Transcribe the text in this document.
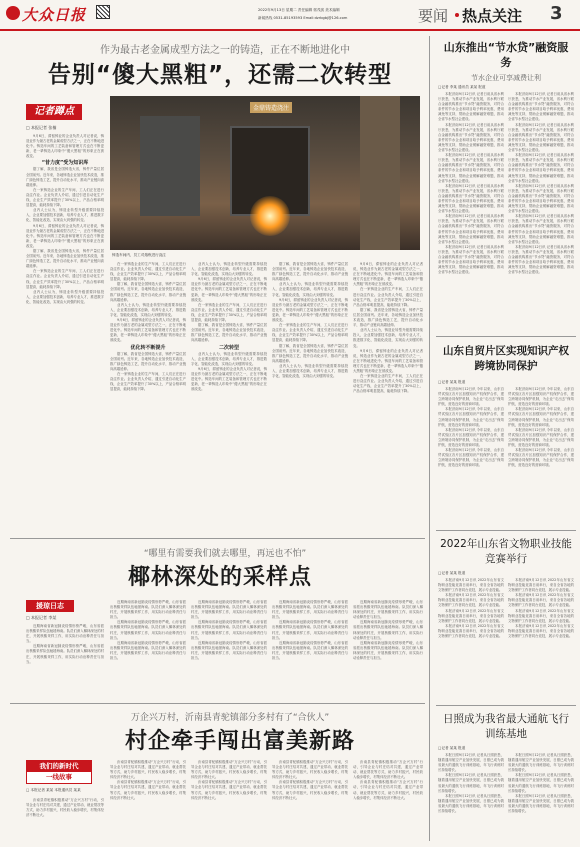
大众日报	2022年9月13日 星期二 责任编辑 郭茂滨 美术编辑
新闻热线 0531-85193593 Email:dzrbgbj@126.com	要闻 热点关注 3
作为最古老金属成型方法之一的铸造，正在不断地进化中
告别“傻大黑粗”，还需二次转型
记者蹲点
□ 本报记者 张楠

9月6日，滞留铸业的企业负责人对记者说，铸造业作为最古老的金属成型方法之一，正在不断地进化中。铸造车间的工艺装备和管理方式也在不断更新，老一辈铸造人印象中“傻大黑粗”的形象正在被改变。

“昔力度”受为知识库

据了解，我省是全国铸造大省，铸件产量位居全国前列。近年来，各地铸造企业加快技术改造，推广绿色铸造工艺，提升自动化水平，推动产业链向高端延伸。

在一家铸造企业的生产车间，工人们正在进行浇注作业。企业负责人介绍，通过引进自动化生产线，企业生产效率提升了30%以上，产品合格率明显提高，能耗持续下降。

业内人士认为，铸造业转型升级需要持续投入，企业要加强技术创新，培养专业人才，推进数字化、智能化改造，实现由大到强的转变。

9月6日，滞留铸业的企业负责人对记者说，铸造业作为最古老的金属成型方法之一，正在不断地进化中。铸造车间的工艺装备和管理方式也在不断更新，老一辈铸造人印象中“傻大黑粗”的形象正在被改变。

据了解，我省是全国铸造大省，铸件产量位居全国前列。近年来，各地铸造企业加快技术改造，推广绿色铸造工艺，提升自动化水平，推动产业链向高端延伸。

在一家铸造企业的生产车间，工人们正在进行浇注作业。企业负责人介绍，通过引进自动化生产线，企业生产效率提升了30%以上，产品合格率明显提高，能耗持续下降。

业内人士认为，铸造业转型升级需要持续投入，企业要加强技术创新，培养专业人才，推进数字化、智能化改造，实现由大到强的转变。

金鼎铸造浇注
铸造车间内，员工对熔炼进行浇注

在一家铸造企业的生产车间，工人们正在进行浇注作业。企业负责人介绍，通过引进自动化生产线，企业生产效率提升了30%以上，产品合格率明显提高，能耗持续下降。

据了解，我省是全国铸造大省，铸件产量位居全国前列。近年来，各地铸造企业加快技术改造，推广绿色铸造工艺，提升自动化水平，推动产业链向高端延伸。

业内人士认为，铸造业转型升级需要持续投入，企业要加强技术创新，培养专业人才，推进数字化、智能化改造，实现由大到强的转变。

9月6日，滞留铸业的企业负责人对记者说，铸造业作为最古老的金属成型方法之一，正在不断地进化中。铸造车间的工艺装备和管理方式也在不断更新，老一辈铸造人印象中“傻大黑粗”的形象正在被改变。

优化转不断提升

据了解，我省是全国铸造大省，铸件产量位居全国前列。近年来，各地铸造企业加快技术改造，推广绿色铸造工艺，提升自动化水平，推动产业链向高端延伸。

在一家铸造企业的生产车间，工人们正在进行浇注作业。企业负责人介绍，通过引进自动化生产线，企业生产效率提升了30%以上，产品合格率明显提高，能耗持续下降。

业内人士认为，铸造业转型升级需要持续投入，企业要加强技术创新，培养专业人才，推进数字化、智能化改造，实现由大到强的转变。

9月6日，滞留铸业的企业负责人对记者说，铸造业作为最古老的金属成型方法之一，正在不断地进化中。铸造车间的工艺装备和管理方式也在不断更新，老一辈铸造人印象中“傻大黑粗”的形象正在被改变。

在一家铸造企业的生产车间，工人们正在进行浇注作业。企业负责人介绍，通过引进自动化生产线，企业生产效率提升了30%以上，产品合格率明显提高，能耗持续下降。

据了解，我省是全国铸造大省，铸件产量位居全国前列。近年来，各地铸造企业加快技术改造，推广绿色铸造工艺，提升自动化水平，推动产业链向高端延伸。

二次转型

业内人士认为，铸造业转型升级需要持续投入，企业要加强技术创新，培养专业人才，推进数字化、智能化改造，实现由大到强的转变。

9月6日，滞留铸业的企业负责人对记者说，铸造业作为最古老的金属成型方法之一，正在不断地进化中。铸造车间的工艺装备和管理方式也在不断更新，老一辈铸造人印象中“傻大黑粗”的形象正在被改变。

据了解，我省是全国铸造大省，铸件产量位居全国前列。近年来，各地铸造企业加快技术改造，推广绿色铸造工艺，提升自动化水平，推动产业链向高端延伸。

业内人士认为，铸造业转型升级需要持续投入，企业要加强技术创新，培养专业人才，推进数字化、智能化改造，实现由大到强的转变。

9月6日，滞留铸业的企业负责人对记者说，铸造业作为最古老的金属成型方法之一，正在不断地进化中。铸造车间的工艺装备和管理方式也在不断更新，老一辈铸造人印象中“傻大黑粗”的形象正在被改变。

在一家铸造企业的生产车间，工人们正在进行浇注作业。企业负责人介绍，通过引进自动化生产线，企业生产效率提升了30%以上，产品合格率明显提高，能耗持续下降。

据了解，我省是全国铸造大省，铸件产量位居全国前列。近年来，各地铸造企业加快技术改造，推广绿色铸造工艺，提升自动化水平，推动产业链向高端延伸。

业内人士认为，铸造业转型升级需要持续投入，企业要加强技术创新，培养专业人才，推进数字化、智能化改造，实现由大到强的转变。

9月6日，滞留铸业的企业负责人对记者说，铸造业作为最古老的金属成型方法之一，正在不断地进化中。铸造车间的工艺装备和管理方式也在不断更新，老一辈铸造人印象中“傻大黑粗”的形象正在被改变。

在一家铸造企业的生产车间，工人们正在进行浇注作业。企业负责人介绍，通过引进自动化生产线，企业生产效率提升了30%以上，产品合格率明显提高，能耗持续下降。

据了解，我省是全国铸造大省，铸件产量位居全国前列。近年来，各地铸造企业加快技术改造，推广绿色铸造工艺，提升自动化水平，推动产业链向高端延伸。

业内人士认为，铸造业转型升级需要持续投入，企业要加强技术创新，培养专业人才，推进数字化、智能化改造，实现由大到强的转变。

9月6日，滞留铸业的企业负责人对记者说，铸造业作为最古老的金属成型方法之一，正在不断地进化中。铸造车间的工艺装备和管理方式也在不断更新，老一辈铸造人印象中“傻大黑粗”的形象正在被改变。

在一家铸造企业的生产车间，工人们正在进行浇注作业。企业负责人介绍，通过引进自动化生产线，企业生产效率提升了30%以上，产品合格率明显提高，能耗持续下降。

“哪里有需要我们就去哪里，再远也不怕”
椰林深处的采样点
援琼日志
□ 本报记者 李某

近期海南省新冠肺炎疫情形势严峻，山东省派出核酸采样队伍驰援海南。队员们深入椰林深处的村庄，开展核酸采样工作，用实际行动诠释责任与担当。

近期海南省新冠肺炎疫情形势严峻，山东省派出核酸采样队伍驰援海南。队员们深入椰林深处的村庄，开展核酸采样工作，用实际行动诠释责任与担当。

近期海南省新冠肺炎疫情形势严峻，山东省派出核酸采样队伍驰援海南。队员们深入椰林深处的村庄，开展核酸采样工作，用实际行动诠释责任与担当。

近期海南省新冠肺炎疫情形势严峻，山东省派出核酸采样队伍驰援海南。队员们深入椰林深处的村庄，开展核酸采样工作，用实际行动诠释责任与担当。

近期海南省新冠肺炎疫情形势严峻，山东省派出核酸采样队伍驰援海南。队员们深入椰林深处的村庄，开展核酸采样工作，用实际行动诠释责任与担当。

近期海南省新冠肺炎疫情形势严峻，山东省派出核酸采样队伍驰援海南。队员们深入椰林深处的村庄，开展核酸采样工作，用实际行动诠释责任与担当。

近期海南省新冠肺炎疫情形势严峻，山东省派出核酸采样队伍驰援海南。队员们深入椰林深处的村庄，开展核酸采样工作，用实际行动诠释责任与担当。

近期海南省新冠肺炎疫情形势严峻，山东省派出核酸采样队伍驰援海南。队员们深入椰林深处的村庄，开展核酸采样工作，用实际行动诠释责任与担当。

近期海南省新冠肺炎疫情形势严峻，山东省派出核酸采样队伍驰援海南。队员们深入椰林深处的村庄，开展核酸采样工作，用实际行动诠释责任与担当。

近期海南省新冠肺炎疫情形势严峻，山东省派出核酸采样队伍驰援海南。队员们深入椰林深处的村庄，开展核酸采样工作，用实际行动诠释责任与担当。

近期海南省新冠肺炎疫情形势严峻，山东省派出核酸采样队伍驰援海南。队员们深入椰林深处的村庄，开展核酸采样工作，用实际行动诠释责任与担当。

近期海南省新冠肺炎疫情形势严峻，山东省派出核酸采样队伍驰援海南。队员们深入椰林深处的村庄，开展核酸采样工作，用实际行动诠释责任与担当。

近期海南省新冠肺炎疫情形势严峻，山东省派出核酸采样队伍驰援海南。队员们深入椰林深处的村庄，开展核酸采样工作，用实际行动诠释责任与担当。

近期海南省新冠肺炎疫情形势严峻，山东省派出核酸采样队伍驰援海南。队员们深入椰林深处的村庄，开展核酸采样工作，用实际行动诠释责任与担当。

万企兴万村，沂南县青驼镇部分多村有了“合伙人”
村企牵手闯出富美新路
我们的新时代
一线故事
□ 本报记者 某某 本报通讯员 某某

沂南县青驼镇积极推动“万企兴万村”行动，引导企业与村庄结对共建，通过产业带动、就业帮扶等方式，助力乡村振兴，村民收入稳步增长，村集体经济不断壮大。

沂南县青驼镇积极推动“万企兴万村”行动，引导企业与村庄结对共建，通过产业带动、就业帮扶等方式，助力乡村振兴，村民收入稳步增长，村集体经济不断壮大。

沂南县青驼镇积极推动“万企兴万村”行动，引导企业与村庄结对共建，通过产业带动、就业帮扶等方式，助力乡村振兴，村民收入稳步增长，村集体经济不断壮大。

沂南县青驼镇积极推动“万企兴万村”行动，引导企业与村庄结对共建，通过产业带动、就业帮扶等方式，助力乡村振兴，村民收入稳步增长，村集体经济不断壮大。

沂南县青驼镇积极推动“万企兴万村”行动，引导企业与村庄结对共建，通过产业带动、就业帮扶等方式，助力乡村振兴，村民收入稳步增长，村集体经济不断壮大。

沂南县青驼镇积极推动“万企兴万村”行动，引导企业与村庄结对共建，通过产业带动、就业帮扶等方式，助力乡村振兴，村民收入稳步增长，村集体经济不断壮大。

沂南县青驼镇积极推动“万企兴万村”行动，引导企业与村庄结对共建，通过产业带动、就业帮扶等方式，助力乡村振兴，村民收入稳步增长，村集体经济不断壮大。

沂南县青驼镇积极推动“万企兴万村”行动，引导企业与村庄结对共建，通过产业带动、就业帮扶等方式，助力乡村振兴，村民收入稳步增长，村集体经济不断壮大。

沂南县青驼镇积极推动“万企兴万村”行动，引导企业与村庄结对共建，通过产业带动、就业帮扶等方式，助力乡村振兴，村民收入稳步增长，村集体经济不断壮大。

山东推出“节水贷”融资服务
节水企业可享减费让利
□记者 李某 通讯员 某某 报道

本报济南9月12日讯 记者日前从省水利厅获悉，为推动节水产业发展，省水利厅联合金融机构推出“节水贷”融资服务，对符合条件的节水企业和项目给予利率优惠、费用减免等支持，帮助企业缓解融资难题，推动全省节水型社会建设。

本报济南9月12日讯 记者日前从省水利厅获悉，为推动节水产业发展，省水利厅联合金融机构推出“节水贷”融资服务，对符合条件的节水企业和项目给予利率优惠、费用减免等支持，帮助企业缓解融资难题，推动全省节水型社会建设。

本报济南9月12日讯 记者日前从省水利厅获悉，为推动节水产业发展，省水利厅联合金融机构推出“节水贷”融资服务，对符合条件的节水企业和项目给予利率优惠、费用减免等支持，帮助企业缓解融资难题，推动全省节水型社会建设。

本报济南9月12日讯 记者日前从省水利厅获悉，为推动节水产业发展，省水利厅联合金融机构推出“节水贷”融资服务，对符合条件的节水企业和项目给予利率优惠、费用减免等支持，帮助企业缓解融资难题，推动全省节水型社会建设。

本报济南9月12日讯 记者日前从省水利厅获悉，为推动节水产业发展，省水利厅联合金融机构推出“节水贷”融资服务，对符合条件的节水企业和项目给予利率优惠、费用减免等支持，帮助企业缓解融资难题，推动全省节水型社会建设。

本报济南9月12日讯 记者日前从省水利厅获悉，为推动节水产业发展，省水利厅联合金融机构推出“节水贷”融资服务，对符合条件的节水企业和项目给予利率优惠、费用减免等支持，帮助企业缓解融资难题，推动全省节水型社会建设。

本报济南9月12日讯 记者日前从省水利厅获悉，为推动节水产业发展，省水利厅联合金融机构推出“节水贷”融资服务，对符合条件的节水企业和项目给予利率优惠、费用减免等支持，帮助企业缓解融资难题，推动全省节水型社会建设。

本报济南9月12日讯 记者日前从省水利厅获悉，为推动节水产业发展，省水利厅联合金融机构推出“节水贷”融资服务，对符合条件的节水企业和项目给予利率优惠、费用减免等支持，帮助企业缓解融资难题，推动全省节水型社会建设。

本报济南9月12日讯 记者日前从省水利厅获悉，为推动节水产业发展，省水利厅联合金融机构推出“节水贷”融资服务，对符合条件的节水企业和项目给予利率优惠、费用减免等支持，帮助企业缓解融资难题，推动全省节水型社会建设。

本报济南9月12日讯 记者日前从省水利厅获悉，为推动节水产业发展，省水利厅联合金融机构推出“节水贷”融资服务，对符合条件的节水企业和项目给予利率优惠、费用减免等支持，帮助企业缓解融资难题，推动全省节水型社会建设。

本报济南9月12日讯 记者日前从省水利厅获悉，为推动节水产业发展，省水利厅联合金融机构推出“节水贷”融资服务，对符合条件的节水企业和项目给予利率优惠、费用减免等支持，帮助企业缓解融资难题，推动全省节水型社会建设。

本报济南9月12日讯 记者日前从省水利厅获悉，为推动节水产业发展，省水利厅联合金融机构推出“节水贷”融资服务，对符合条件的节水企业和项目给予利率优惠、费用减免等支持，帮助企业缓解融资难题，推动全省节水型社会建设。

山东自贸片区实现知识产权跨境协同保护
□记者 某某 报道

本报济南9月12日讯 今年以来，山东自贸试验区各片区加强知识产权保护合作，建立跨境协同保护机制，为企业“走出去”保驾护航，营造良好的营商环境。

本报济南9月12日讯 今年以来，山东自贸试验区各片区加强知识产权保护合作，建立跨境协同保护机制，为企业“走出去”保驾护航，营造良好的营商环境。

本报济南9月12日讯 今年以来，山东自贸试验区各片区加强知识产权保护合作，建立跨境协同保护机制，为企业“走出去”保驾护航，营造良好的营商环境。

本报济南9月12日讯 今年以来，山东自贸试验区各片区加强知识产权保护合作，建立跨境协同保护机制，为企业“走出去”保驾护航，营造良好的营商环境。

本报济南9月12日讯 今年以来，山东自贸试验区各片区加强知识产权保护合作，建立跨境协同保护机制，为企业“走出去”保驾护航，营造良好的营商环境。

本报济南9月12日讯 今年以来，山东自贸试验区各片区加强知识产权保护合作，建立跨境协同保护机制，为企业“走出去”保驾护航，营造良好的营商环境。

本报济南9月12日讯 今年以来，山东自贸试验区各片区加强知识产权保护合作，建立跨境协同保护机制，为企业“走出去”保驾护航，营造良好的营商环境。

本报济南9月12日讯 今年以来，山东自贸试验区各片区加强知识产权保护合作，建立跨境协同保护机制，为企业“走出去”保驾护航，营造良好的营商环境。

2022年山东省文物职业技能竞赛举行
□记者 某某 报道

本报济南9月12日讯 2022年山东省文物职业技能竞赛日前举行，来自全省各地的文物保护工作者同台竞技，展示专业技能。

本报济南9月12日讯 2022年山东省文物职业技能竞赛日前举行，来自全省各地的文物保护工作者同台竞技，展示专业技能。

本报济南9月12日讯 2022年山东省文物职业技能竞赛日前举行，来自全省各地的文物保护工作者同台竞技，展示专业技能。

本报济南9月12日讯 2022年山东省文物职业技能竞赛日前举行，来自全省各地的文物保护工作者同台竞技，展示专业技能。

本报济南9月12日讯 2022年山东省文物职业技能竞赛日前举行，来自全省各地的文物保护工作者同台竞技，展示专业技能。

本报济南9月12日讯 2022年山东省文物职业技能竞赛日前举行，来自全省各地的文物保护工作者同台竞技，展示专业技能。

本报济南9月12日讯 2022年山东省文物职业技能竞赛日前举行，来自全省各地的文物保护工作者同台竞技，展示专业技能。

本报济南9月12日讯 2022年山东省文物职业技能竞赛日前举行，来自全省各地的文物保护工作者同台竞技，展示专业技能。

日照成为我省最大通航飞行训练基地
□记者 某某 报道

本报日照9月12日讯 记者从日照获悉，随着通用航空产业加快发展，日照已成为我省最大的通航飞行训练基地，年飞行训练时长持续增长。

本报日照9月12日讯 记者从日照获悉，随着通用航空产业加快发展，日照已成为我省最大的通航飞行训练基地，年飞行训练时长持续增长。

本报日照9月12日讯 记者从日照获悉，随着通用航空产业加快发展，日照已成为我省最大的通航飞行训练基地，年飞行训练时长持续增长。

本报日照9月12日讯 记者从日照获悉，随着通用航空产业加快发展，日照已成为我省最大的通航飞行训练基地，年飞行训练时长持续增长。

本报日照9月12日讯 记者从日照获悉，随着通用航空产业加快发展，日照已成为我省最大的通航飞行训练基地，年飞行训练时长持续增长。

本报日照9月12日讯 记者从日照获悉，随着通用航空产业加快发展，日照已成为我省最大的通航飞行训练基地，年飞行训练时长持续增长。
